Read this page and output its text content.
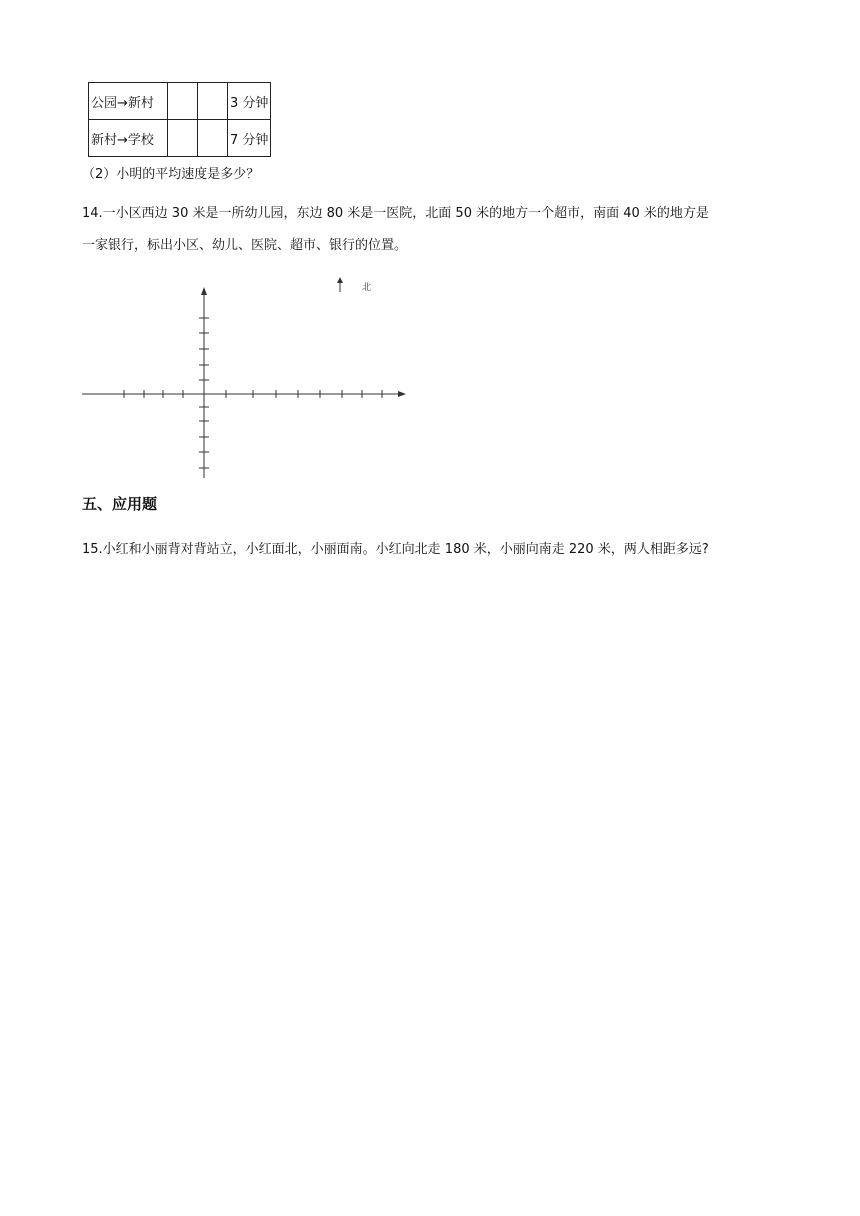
公园→新村			3 分钟
新村→学校			7 分钟
（2）小明的平均速度是多少？
14.一小区西边 30 米是一所幼儿园，东边 80 米是一医院，北面 50 米的地方一个超市，南面 40 米的地方是
一家银行，标出小区、幼儿、医院、超市、银行的位置。
北
五、应用题
15.小红和小丽背对背站立，小红面北，小丽面南。小红向北走 180 米，小丽向南走 220 米，两人相距多远?
